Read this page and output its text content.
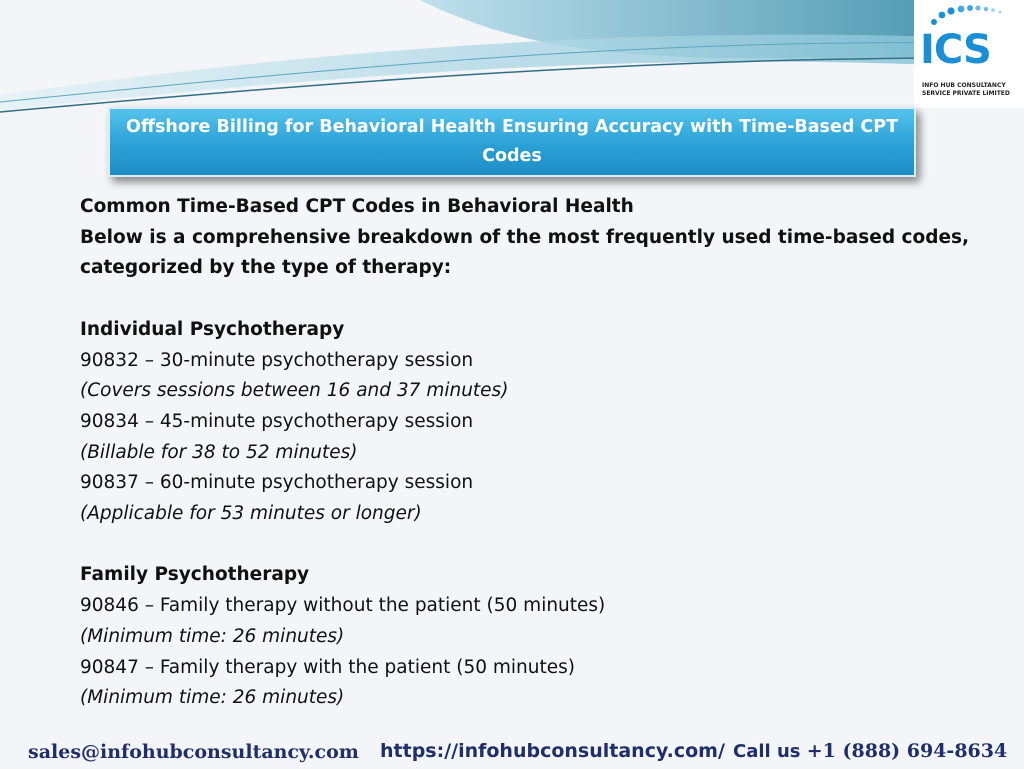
ICS
INFO HUB CONSULTANCY
SERVICE PRIVATE LIMITED
Offshore Billing for Behavioral Health Ensuring Accuracy with Time-Based CPT Codes
Common Time-Based CPT Codes in Behavioral Health
Below is a comprehensive breakdown of the most frequently used time-based codes,
categorized by the type of therapy:
Individual Psychotherapy
90832 – 30-minute psychotherapy session
(Covers sessions between 16 and 37 minutes)
90834 – 45-minute psychotherapy session
(Billable for 38 to 52 minutes)
90837 – 60-minute psychotherapy session
(Applicable for 53 minutes or longer)
Family Psychotherapy
90846 – Family therapy without the patient (50 minutes)
(Minimum time: 26 minutes)
90847 – Family therapy with the patient (50 minutes)
(Minimum time: 26 minutes)
sales@infohubconsultancy.com https://infohubconsultancy.com/ Call us +1 (888) 694-8634
